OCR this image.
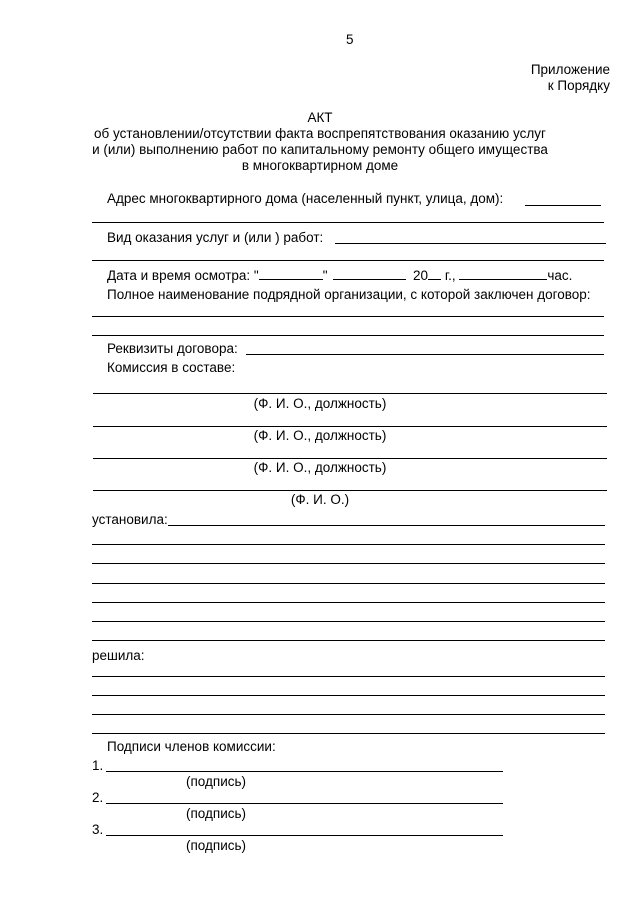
5
Приложение
к Порядку
АКТ
об установлении/отсутствии факта воспрепятствования оказанию услуг
и (или) выполнению работ по капитальному ремонту общего имущества
в многоквартирном доме
Адрес многоквартирного дома (населенный пункт, улица, дом):
Вид оказания услуг и (или ) работ:
Дата и время осмотра: "	"	20 г.,	час.
Полное наименование подрядной организации, с которой заключен договор:
Реквизиты договора:
Комиссия в составе:
(Ф. И. О., должность)
(Ф. И. О., должность)
(Ф. И. О., должность)
(Ф. И. О.)
установила:
решила:
Подписи членов комиссии:
1.
(подпись)
2.
(подпись)
3.
(подпись)
